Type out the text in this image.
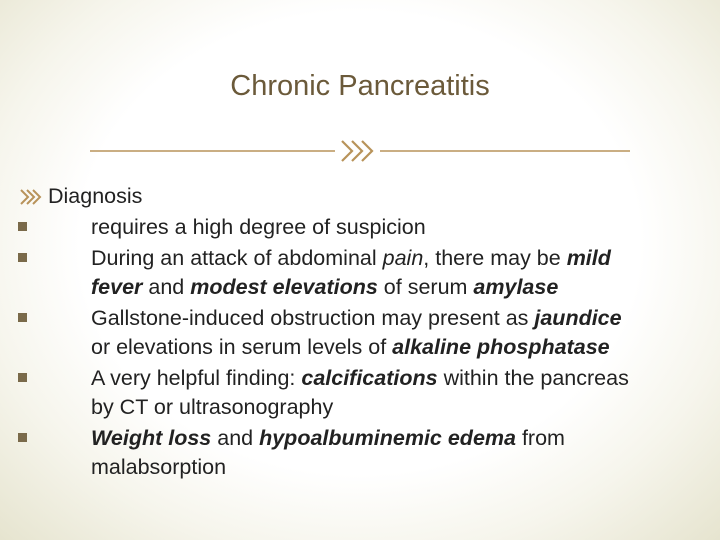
Chronic Pancreatitis
Diagnosis
requires a high degree of suspicion
During an attack of abdominal pain, there may be mild fever and modest elevations of serum amylase
Gallstone-induced obstruction may present as jaundice or elevations in serum levels of alkaline phosphatase
A very helpful finding: calcifications within the pancreas by CT or ultrasonography
Weight loss and hypoalbuminemic edema from malabsorption
